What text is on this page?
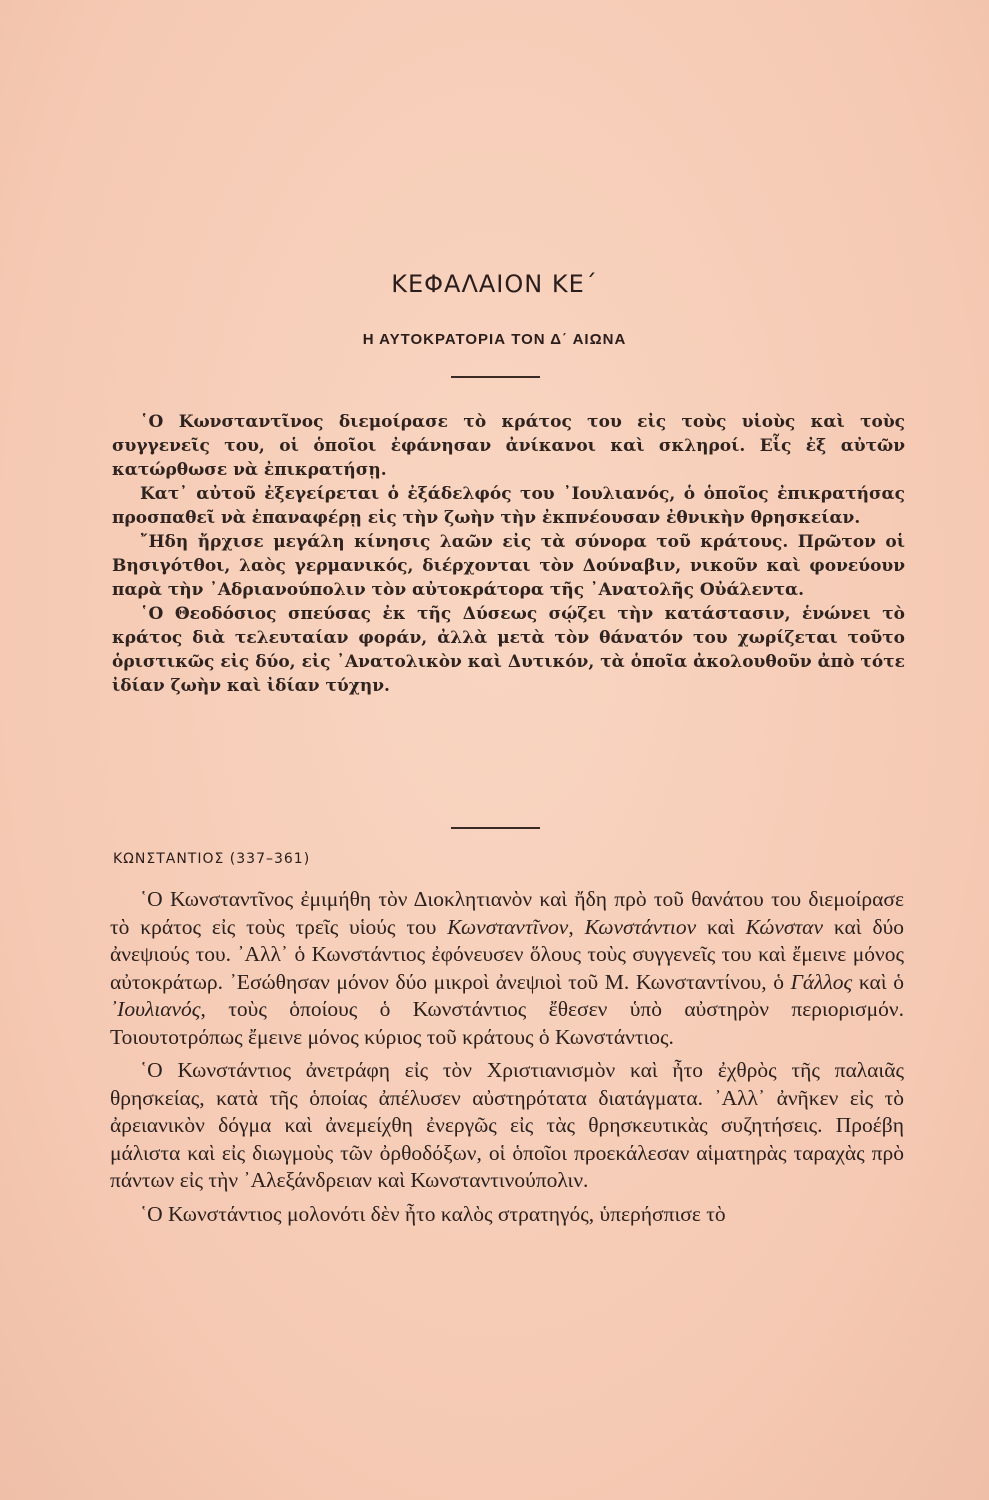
ΚΕΦΑΛΑΙΟΝ ΚΕ΄
Η ΑΥΤΟΚΡΑΤΟΡΙΑ ΤΟΝ Δ΄ ΑΙΩΝΑ

῾Ο Κωνσταντῖνος διεμοίρασε τὸ κράτος του εἰς τοὺς υἱοὺς καὶ τοὺς συγγενεῖς του, οἱ ὁποῖοι ἐφάνησαν ἀνίκανοι καὶ σκληροί. Εἷς ἐξ αὐτῶν κατώρθωσε νὰ ἐπικρατήσῃ.

Κατ᾿ αὐτοῦ ἐξεγείρεται ὁ ἐξάδελφός του ᾿Ιουλιανός, ὁ ὁποῖος ἐπικρατήσας προσπαθεῖ νὰ ἐπαναφέρῃ εἰς τὴν ζωὴν τὴν ἐκπνέουσαν ἐθνικὴν θρησκείαν.

῎Ηδη ἤρχισε μεγάλη κίνησις λαῶν εἰς τὰ σύνορα τοῦ κράτους. Πρῶτον οἱ Βησιγότθοι, λαὸς γερμανικός, διέρχονται τὸν Δούναβιν, νικοῦν καὶ φονεύουν παρὰ τὴν ᾿Αδριανούπολιν τὸν αὐτοκράτορα τῆς ᾿Ανατολῆς Οὐάλεντα.

῾Ο Θεοδόσιος σπεύσας ἐκ τῆς Δύσεως σῴζει τὴν κατάστασιν, ἑνώνει τὸ κράτος διὰ τελευταίαν φοράν, ἀλλὰ μετὰ τὸν θάνατόν του χωρίζεται τοῦτο ὁριστικῶς εἰς δύο, εἰς ᾿Ανατολικὸν καὶ Δυτικόν, τὰ ὁποῖα ἀκολουθοῦν ἀπὸ τότε ἰδίαν ζωὴν καὶ ἰδίαν τύχην.

ΚΩΝΣΤΑΝΤΙΟΣ (337–361)

῾Ο Κωνσταντῖνος ἐμιμήθη τὸν Διοκλητιανὸν καὶ ἤδη πρὸ τοῦ θανάτου του διεμοίρασε τὸ κράτος εἰς τοὺς τρεῖς υἱούς του Κωνσταντῖνον, Κωνστάντιον καὶ Κώνσταν καὶ δύο ἀνεψιούς του. ᾿Αλλ᾿ ὁ Κωνστάντιος ἐφόνευσεν ὅλους τοὺς συγγενεῖς του καὶ ἔμεινε μόνος αὐτοκράτωρ. ᾿Εσώθησαν μόνον δύο μικροὶ ἀνεψιοὶ τοῦ Μ. Κωνσταντίνου, ὁ Γάλλος καὶ ὁ ᾿Ιουλιανός, τοὺς ὁποίους ὁ Κωνστάντιος ἔθεσεν ὑπὸ αὐστηρὸν περιορισμόν. Τοιουτοτρόπως ἔμεινε μόνος κύριος τοῦ κράτους ὁ Κωνστάντιος.

῾Ο Κωνστάντιος ἀνετράφη εἰς τὸν Χριστιανισμὸν καὶ ἦτο ἐχθρὸς τῆς παλαιᾶς θρησκείας, κατὰ τῆς ὁποίας ἀπέλυσεν αὐστηρότατα διατάγματα. ᾿Αλλ᾿ ἀνῆκεν εἰς τὸ ἀρειανικὸν δόγμα καὶ ἀνεμείχθη ἐνεργῶς εἰς τὰς θρησκευτικὰς συζητήσεις. Προέβη μάλιστα καὶ εἰς διωγμοὺς τῶν ὀρθοδόξων, οἱ ὁποῖοι προεκάλεσαν αἱματηρὰς ταραχὰς πρὸ πάντων εἰς τὴν ᾿Αλεξάνδρειαν καὶ Κωνσταντινούπολιν.

῾Ο Κωνστάντιος μολονότι δὲν ἦτο καλὸς στρατηγός, ὑπερήσπισε τὸ
